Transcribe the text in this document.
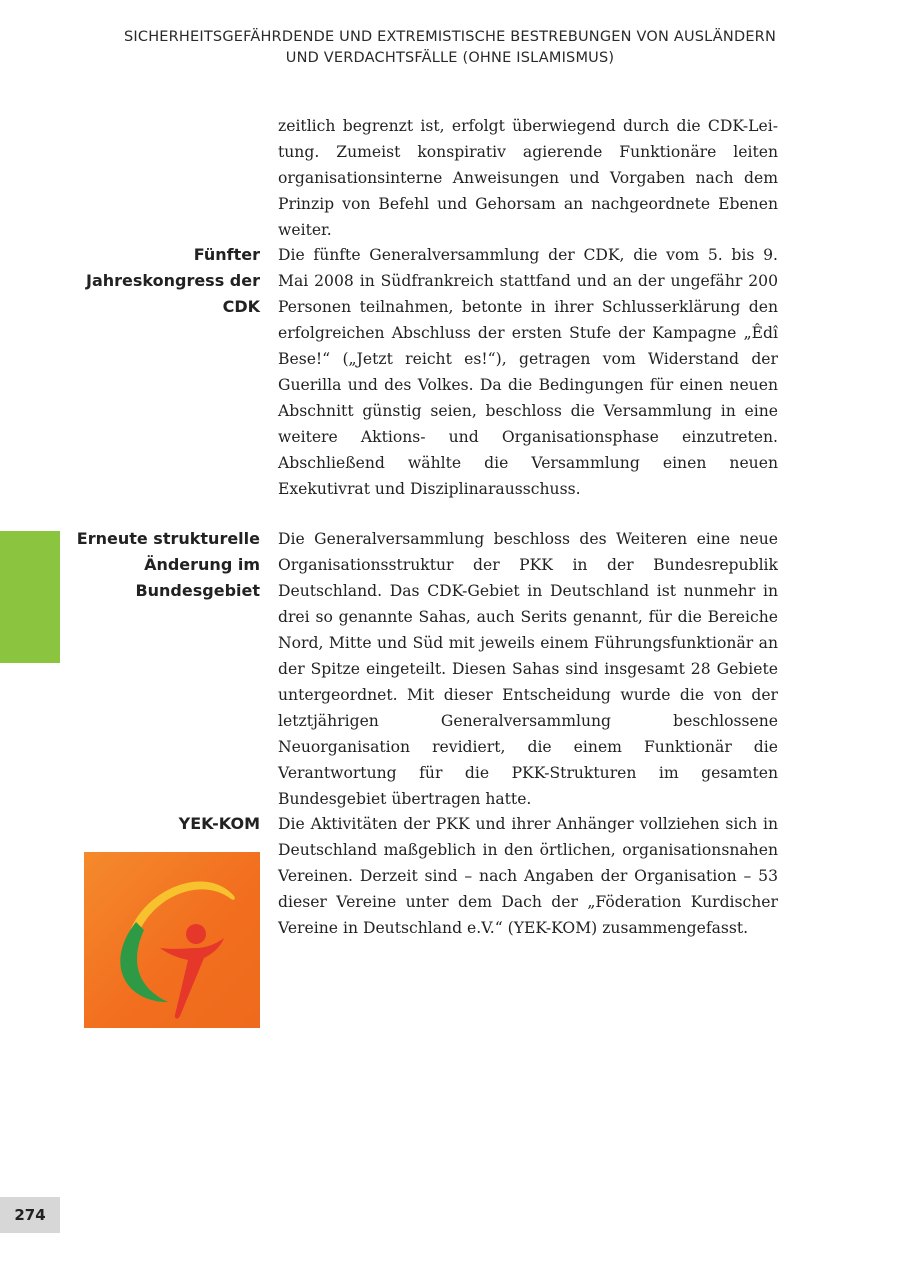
SICHERHEITSGEFÄHRDENDE UND EXTREMISTISCHE BESTREBUNGEN VON AUSLÄNDERN
UND VERDACHTSFÄLLE (OHNE ISLAMISMUS)

zeitlich begrenzt ist, erfolgt überwiegend durch die CDK-Leitung. Zumeist konspirativ agierende Funktionäre leiten organisationsinterne Anweisungen und Vorgaben nach dem Prinzip von Befehl und Gehorsam an nachgeordnete Ebenen weiter.

Fünfter Jahreskongress der CDK

Die fünfte Generalversammlung der CDK, die vom 5. bis 9. Mai 2008 in Südfrankreich stattfand und an der ungefähr 200 Personen teilnahmen, betonte in ihrer Schlusserklärung den erfolgreichen Abschluss der ersten Stufe der Kampagne „Êdî Bese!“ („Jetzt reicht es!“), getragen vom Widerstand der Guerilla und des Volkes. Da die Bedingungen für einen neuen Abschnitt günstig seien, beschloss die Versammlung in eine weitere Aktions- und Organisationsphase einzutreten. Abschließend wählte die Versammlung einen neuen Exekutivrat und Disziplinarausschuss.

Erneute strukturelle Änderung im Bundesgebiet

Die Generalversammlung beschloss des Weiteren eine neue Organisationsstruktur der PKK in der Bundesrepublik Deutschland. Das CDK-Gebiet in Deutschland ist nunmehr in drei so genannte Sahas, auch Serits genannt, für die Bereiche Nord, Mitte und Süd mit jeweils einem Führungsfunktionär an der Spitze eingeteilt. Diesen Sahas sind insgesamt 28 Gebiete untergeordnet. Mit dieser Entscheidung wurde die von der letztjährigen Generalversammlung beschlossene Neuorganisation revidiert, die einem Funktionär die Verantwortung für die PKK-Strukturen im gesamten Bundesgebiet übertragen hatte.

YEK-KOM Die Aktivitäten der PKK und ihrer Anhänger vollziehen sich in Deutschland maßgeblich in den örtlichen, organisationsnahen Vereinen. Derzeit sind – nach Angaben der Organisation – 53 dieser Vereine unter dem Dach der „Föderation Kurdischer Vereine in Deutschland e.V.“ (YEK-KOM) zusammengefasst.

274
